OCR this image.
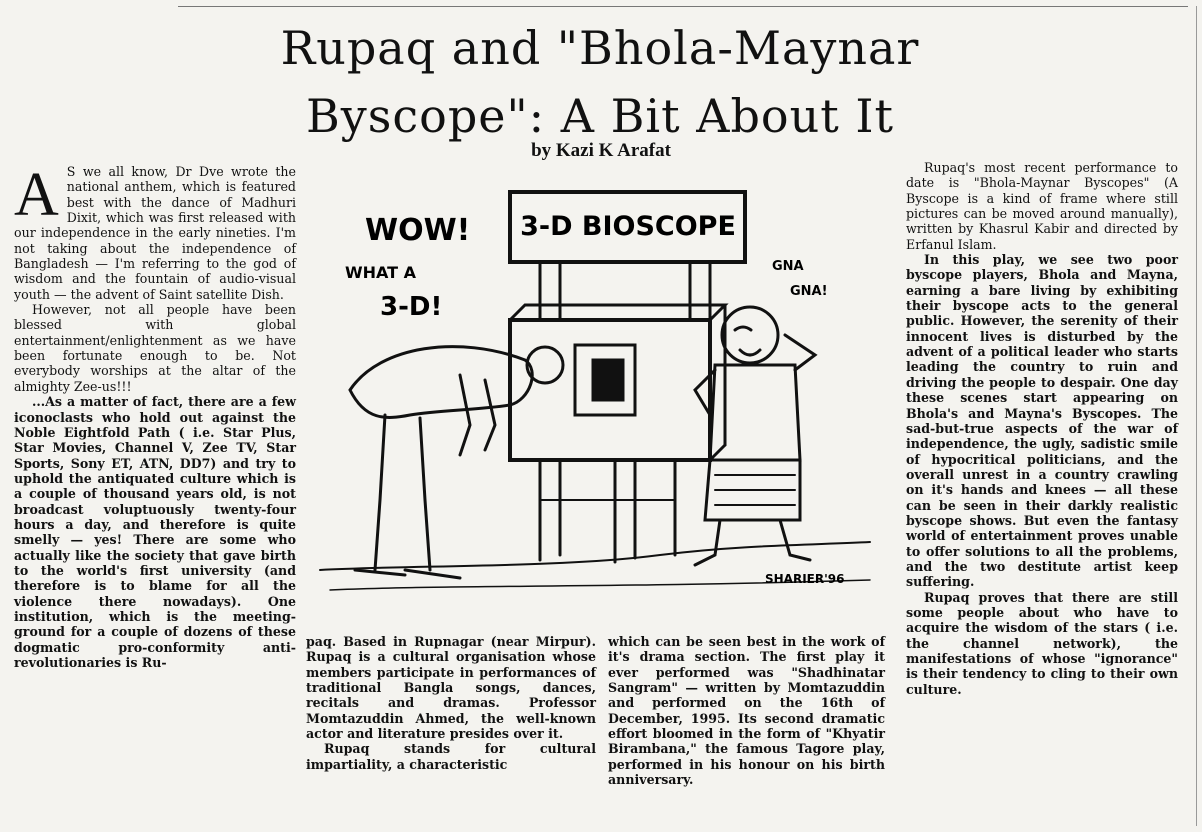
Rupaq and "Bhola-Maynar
Byscope": A Bit About It
by Kazi K Arafat

A S we all know, Dr Dve wrote the national anthem, which is featured best with the dance of Madhuri Dixit, which was first released with our independence in the early nineties. I'm not taking about the independence of Bangladesh — I'm referring to the god of wisdom and the fountain of audio-visual youth — the advent of Saint satellite Dish.

However, not all people have been blessed with global entertainment/enlightenment as we have been fortunate enough to be. Not everybody worships at the altar of the almighty Zee-us!!!

...As a matter of fact, there are a few iconoclasts who hold out against the Noble Eightfold Path ( i.e. Star Plus, Star Movies, Channel V, Zee TV, Star Sports, Sony ET, ATN, DD7) and try to uphold the antiquated culture which is a couple of thousand years old, is not broadcast voluptuously twenty-four hours a day, and therefore is quite smelly — yes! There are some who actually like the society that gave birth to the world's first university (and therefore is to blame for all the violence there nowadays). One institution, which is the meeting-ground for a couple of dozens of these dogmatic pro-conformity anti-revolutionaries is Ru-

3-D BIOSCOPE
WOW!
WHAT A
3-D!
GNA
GNA!
SHARIER'96

paq. Based in Rupnagar (near Mirpur). Rupaq is a cultural organisation whose members participate in performances of traditional Bangla songs, dances, recitals and dramas. Professor Momtazuddin Ahmed, the well-known actor and literature presides over it.

Rupaq stands for cultural impartiality, a characteristic

which can be seen best in the work of it's drama section. The first play it ever performed was "Shadhinatar Sangram" — written by Momtazuddin and performed on the 16th of December, 1995. Its second dramatic effort bloomed in the form of "Khyatir Birambana," the famous Tagore play, performed in his honour on his birth anniversary.

Rupaq's most recent performance to date is "Bhola-Maynar Byscopes" (A Byscope is a kind of frame where still pictures can be moved around manually), written by Khasrul Kabir and directed by Erfanul Islam.

In this play, we see two poor byscope players, Bhola and Mayna, earning a bare living by exhibiting their byscope acts to the general public. However, the serenity of their innocent lives is disturbed by the advent of a political leader who starts leading the country to ruin and driving the people to despair. One day these scenes start appearing on Bhola's and Mayna's Byscopes. The sad-but-true aspects of the war of independence, the ugly, sadistic smile of hypocritical politicians, and the overall unrest in a country crawling on it's hands and knees — all these can be seen in their darkly realistic byscope shows. But even the fantasy world of entertainment proves unable to offer solutions to all the problems, and the two destitute artist keep suffering.

Rupaq proves that there are still some people about who have to acquire the wisdom of the stars ( i.e. the channel network), the manifestations of whose "ignorance" is their tendency to cling to their own culture.
